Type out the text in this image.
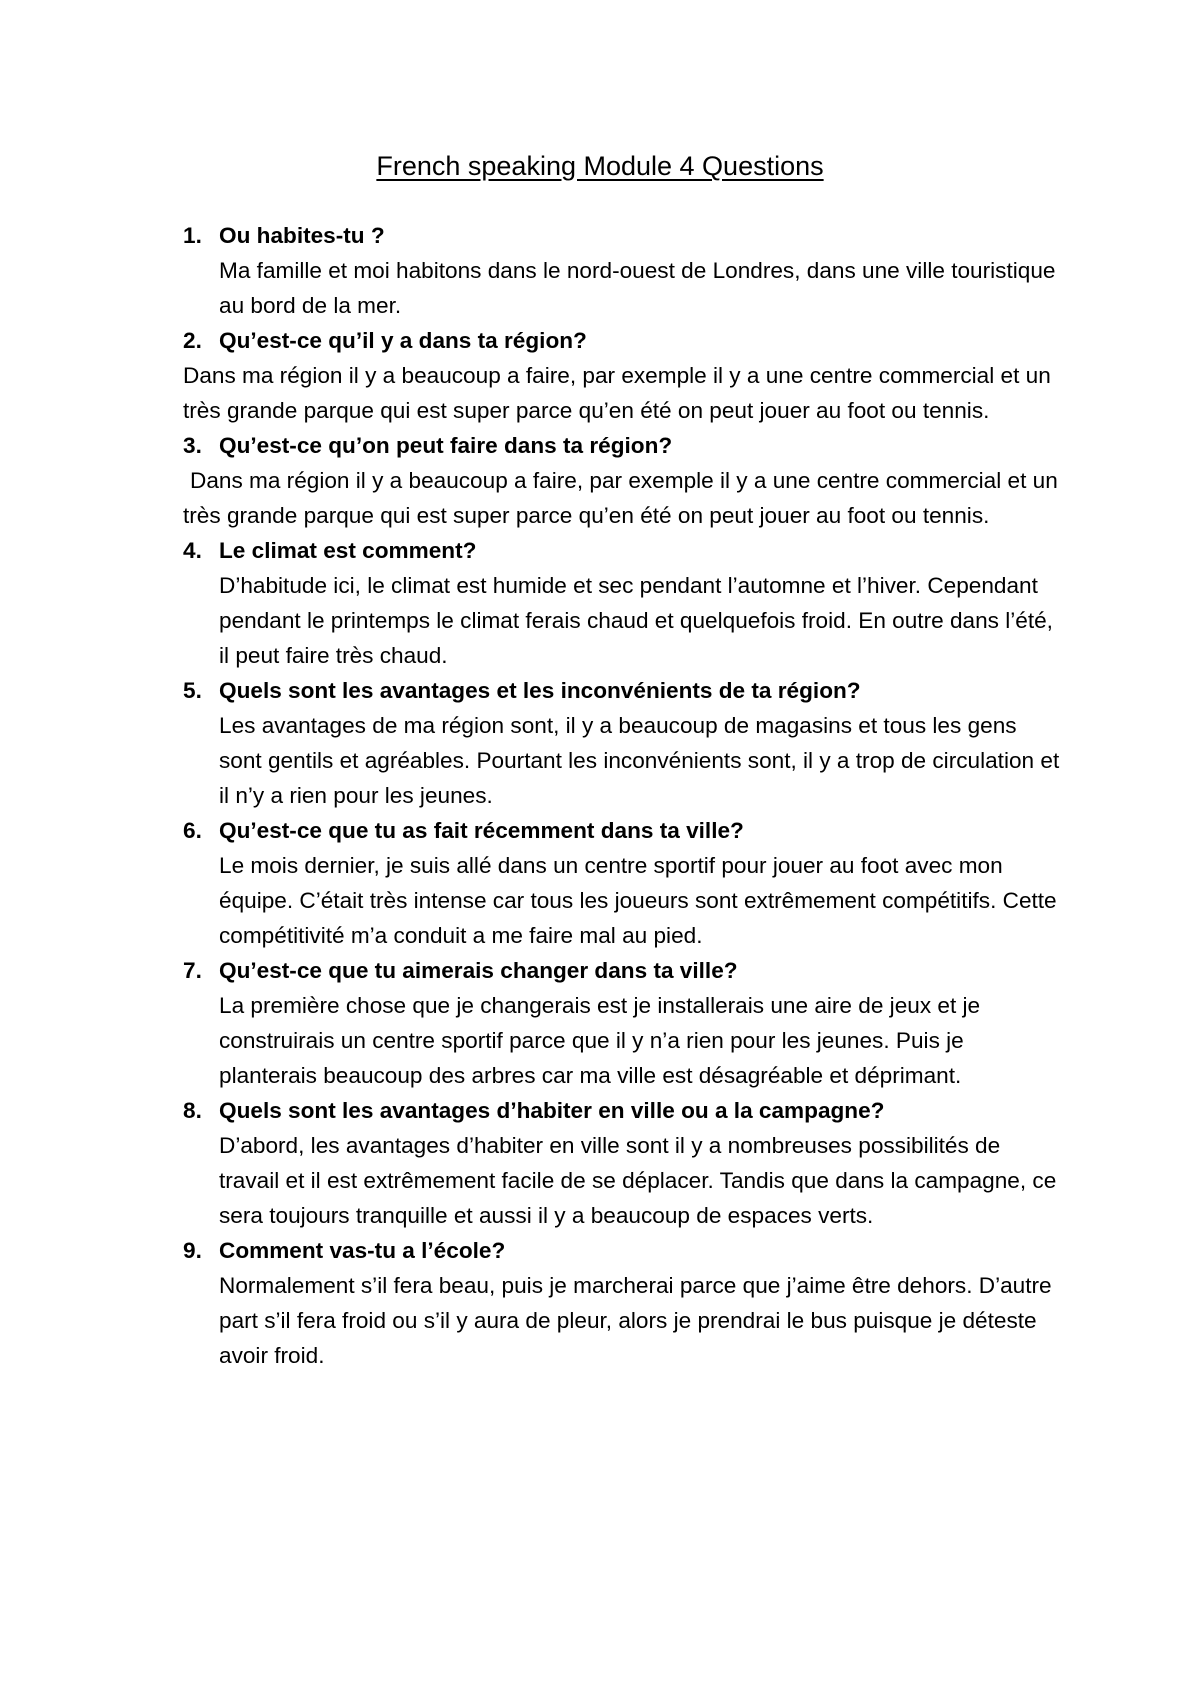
French speaking Module 4 Questions
1. Ou habites-tu ?
Ma famille et moi habitons dans le nord-ouest de Londres, dans une ville touristique au bord de la mer.
2. Qu’est-ce qu’il y a dans ta région?
Dans ma région il y a beaucoup a faire, par exemple il y a une centre commercial et un très grande parque qui est super parce qu’en été on peut jouer au foot ou tennis.
3. Qu’est-ce qu’on peut faire dans ta région?
Dans ma région il y a beaucoup a faire, par exemple il y a une centre commercial et un très grande parque qui est super parce qu’en été on peut jouer au foot ou tennis.
4. Le climat est comment?
D’habitude ici, le climat est humide et sec pendant l’automne et l’hiver. Cependant pendant le printemps le climat ferais chaud et quelquefois froid. En outre dans l’été, il peut faire très chaud.
5. Quels sont les avantages et les inconvénients de ta région?
Les avantages de ma région sont, il y a beaucoup de magasins et tous les gens sont gentils et agréables. Pourtant les inconvénients sont, il y a trop de circulation et il n’y a rien pour les jeunes.
6. Qu’est-ce que tu as fait récemment dans ta ville?
Le mois dernier, je suis allé dans un centre sportif pour jouer au foot avec mon équipe. C’était très intense car tous les joueurs sont extrêmement compétitifs. Cette compétitivité m’a conduit a me faire mal au pied.
7. Qu’est-ce que tu aimerais changer dans ta ville?
La première chose que je changerais est je installerais une aire de jeux et je construirais un centre sportif parce que il y n’a rien pour les jeunes. Puis je planterais beaucoup des arbres car ma ville est désagréable et déprimant.
8. Quels sont les avantages d’habiter en ville ou a la campagne?
D’abord, les avantages d’habiter en ville sont il y a nombreuses possibilités de travail et il est extrêmement facile de se déplacer. Tandis que dans la campagne, ce sera toujours tranquille et aussi il y a beaucoup de espaces verts.
9. Comment vas-tu a l’école?
Normalement s’il fera beau, puis je marcherai parce que j’aime être dehors. D’autre part s’il fera froid ou s’il y aura de pleur, alors je prendrai le bus puisque je déteste avoir froid.
